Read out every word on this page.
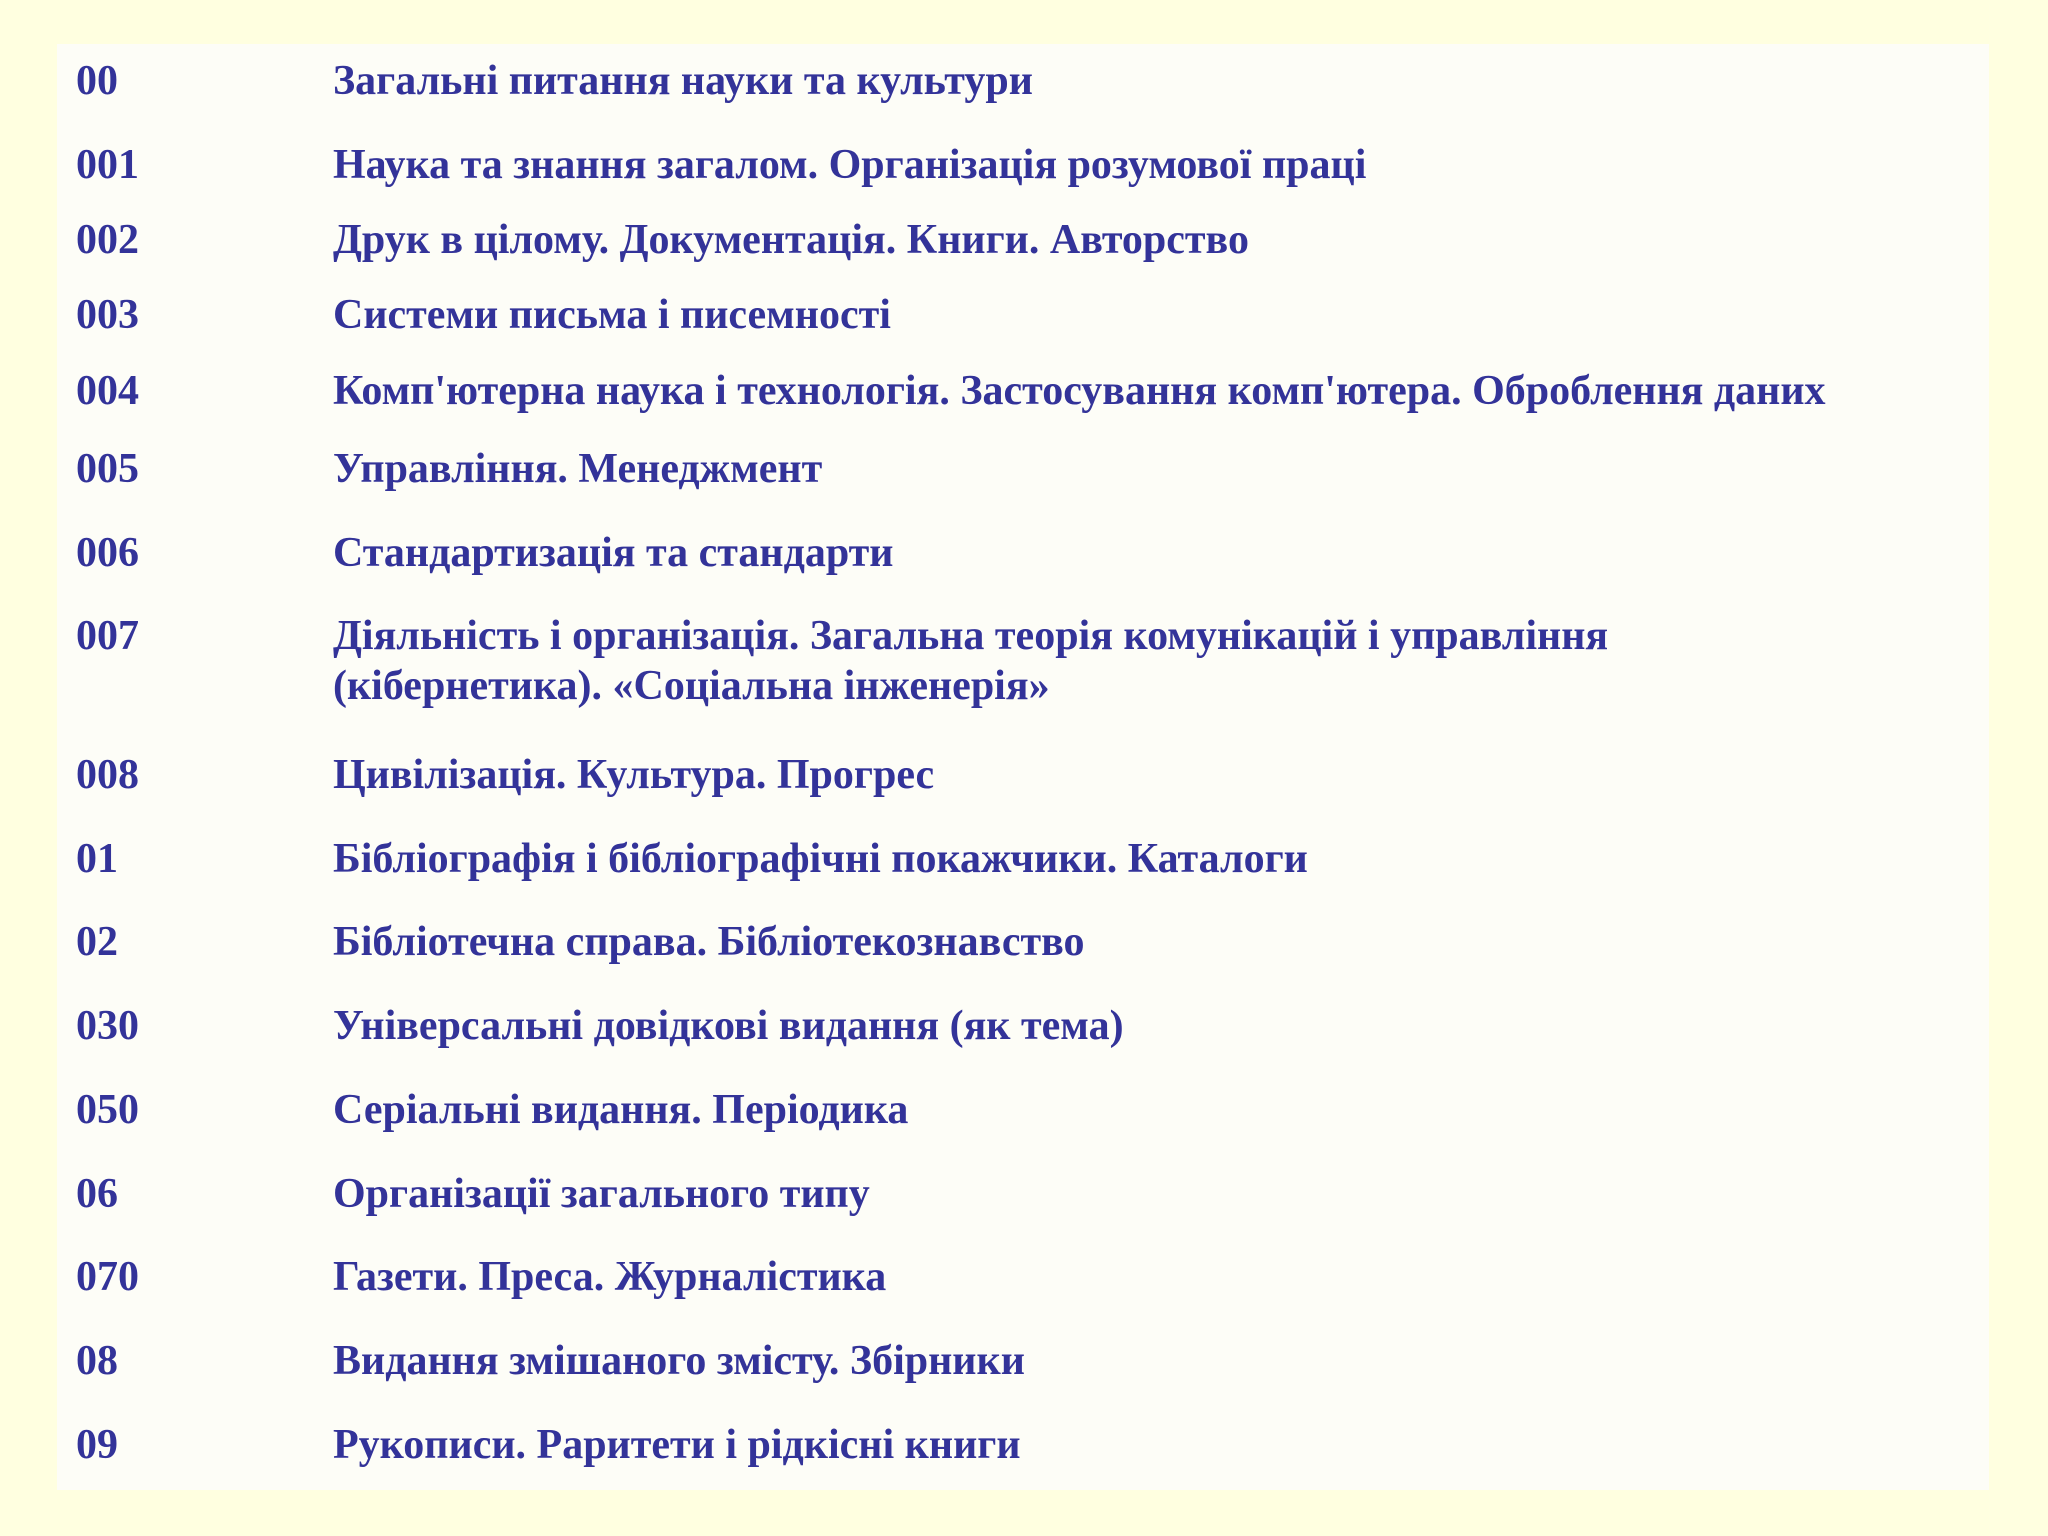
00	Загальні питання науки та культури
001	Наука та знання загалом. Організація розумової праці
002	Друк в цілому. Документація. Книги. Авторство
003	Системи письма і писемності
004	Комп'ютерна наука і технологія. Застосування комп'ютера. Оброблення даних
005	Управління. Менеджмент
006	Стандартизація та стандарти
007	Діяльність і організація. Загальна теорія комунікацій і управління
(кібернетика). «Соціальна інженерія»
008	Цивілізація. Культура. Прогрес
01	Бібліографія і бібліографічні покажчики. Каталоги
02	Бібліотечна справа. Бібліотекознавство
030	Універсальні довідкові видання (як тема)
050	Серіальні видання. Періодика
06	Організації загального типу
070	Газети. Преса. Журналістика
08	Видання змішаного змісту. Збірники
09	Рукописи. Раритети і рідкісні книги
